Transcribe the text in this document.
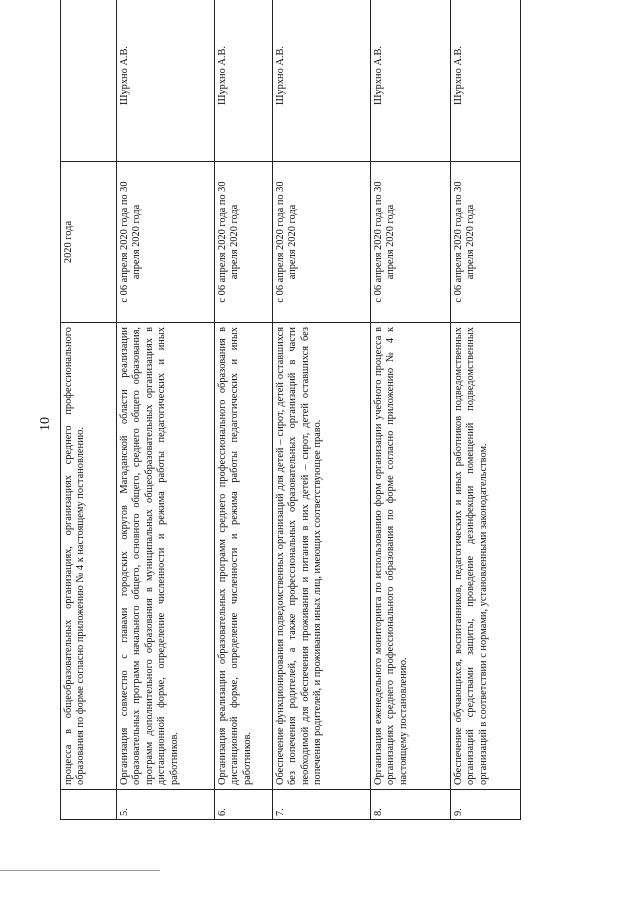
10
	процесса в общеобразовательных организациях, организациях среднего профессионального образования по форме согласно приложению № 4 к настоящему постановлению.	2020 года	
5.	Организация совместно с главами городских округов Магаданской области реализации образовательных программ начального общего, основного общего, среднего общего образования, программ дополнительного образования в муниципальных общеобразовательных организациях в дистанционной форме, определение численности и режима работы педагогических и иных работников.	с 06 апреля 2020 года по 30 апреля 2020 года	Шурхно А.В.
6.	Организация реализации образовательных программ среднего профессионального образования в дистанционной форме, определение численности и режима работы педагогических и иных работников.	с 06 апреля 2020 года по 30 апреля 2020 года	Шурхно А.В.
7.	Обеспечение функционирования подведомственных организаций для детей – сирот, детей оставшихся без попечения родителей, а также профессиональных образовательных организаций в части необходимой для обеспечения проживания и питания в них детей – сирот, детей оставшихся без попечения родителей, и проживания иных лиц, имеющих соответствующее право.	с 06 апреля 2020 года по 30 апреля 2020 года	Шурхно А.В.
8.	Организация еженедельного мониторинга по использованию форм организации учебного процесса в организациях среднего профессионального образования по форме согласно приложению № 4 к настоящему постановлению.	с 06 апреля 2020 года по 30 апреля 2020 года	Шурхно А.В.
9.	Обеспечение обучающихся, воспитанников, педагогических и иных работников подведомственных организаций средствами защиты, проведение дезинфекции помещений подведомственных организаций в соответствии с нормами, установленными законодательством.	с 06 апреля 2020 года по 30 апреля 2020 года	Шурхно А.В.
